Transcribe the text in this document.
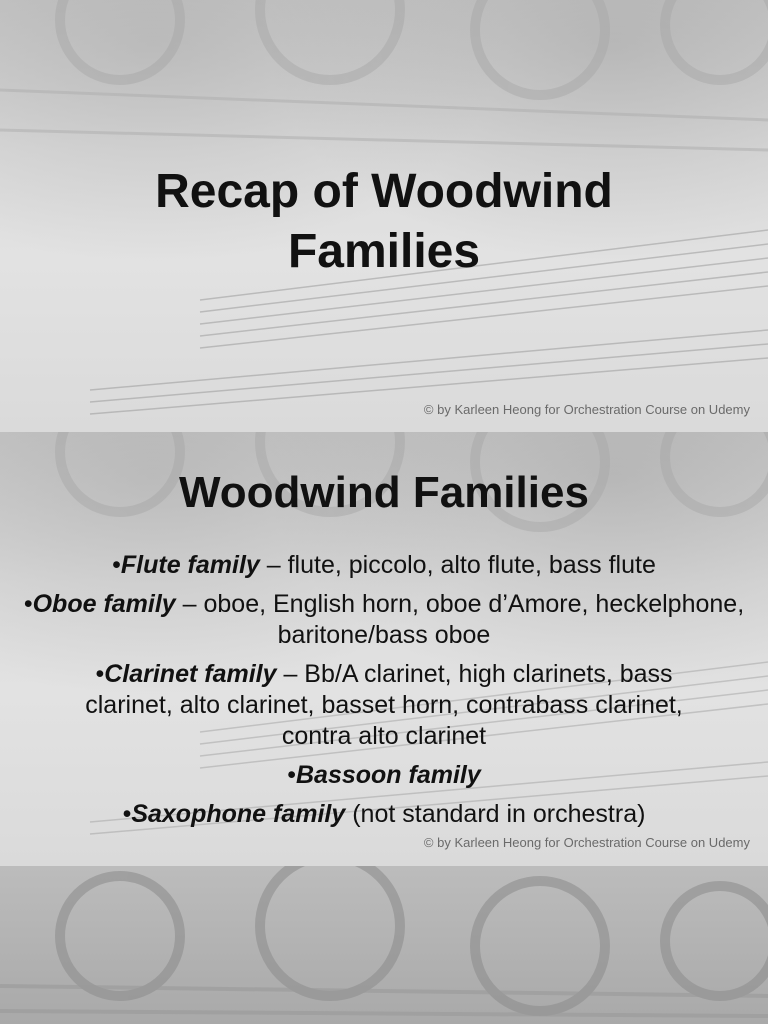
Recap of Woodwind
Families
© by Karleen Heong for Orchestration Course on Udemy
Woodwind Families
•Flute family – flute, piccolo, alto flute, bass flute
•Oboe family – oboe, English horn, oboe d’Amore, heckelphone, baritone/bass oboe
•Clarinet family – Bb/A clarinet, high clarinets, bass clarinet, alto clarinet, basset horn, contrabass clarinet, contra alto clarinet
•Bassoon family
•Saxophone family (not standard in orchestra)
© by Karleen Heong for Orchestration Course on Udemy
